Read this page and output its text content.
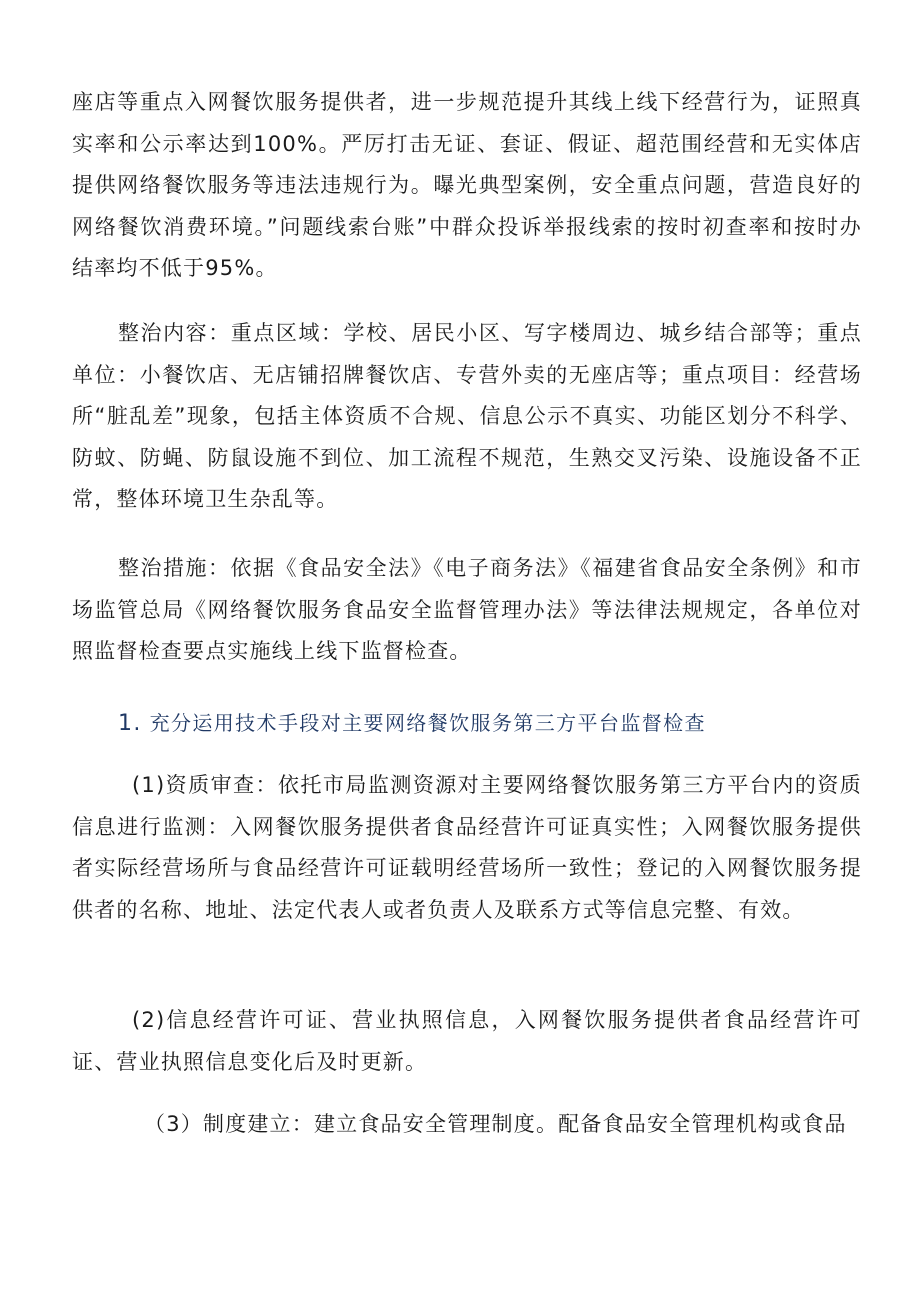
座店等重点入网餐饮服务提供者，进一步规范提升其线上线下经营行为，证照真实率和公示率达到100%。严厉打击无证、套证、假证、超范围经营和无实体店提供网络餐饮服务等违法违规行为。曝光典型案例，安全重点问题，营造良好的网络餐饮消费环境。”问题线索台账”中群众投诉举报线索的按时初查率和按时办结率均不低于95%。

整治内容：重点区域：学校、居民小区、写字楼周边、城乡结合部等；重点单位：小餐饮店、无店铺招牌餐饮店、专营外卖的无座店等；重点项目：经营场所“脏乱差”现象，包括主体资质不合规、信息公示不真实、功能区划分不科学、防蚊、防蝇、防鼠设施不到位、加工流程不规范，生熟交叉污染、设施设备不正常，整体环境卫生杂乱等。

整治措施：依据《食品安全法》《电子商务法》《福建省食品安全条例》和市场监管总局《网络餐饮服务食品安全监督管理办法》等法律法规规定，各单位对照监督检查要点实施线上线下监督检查。

1. 充分运用技术手段对主要网络餐饮服务第三方平台监督检查

(1)资质审查：依托市局监测资源对主要网络餐饮服务第三方平台内的资质信息进行监测：入网餐饮服务提供者食品经营许可证真实性；入网餐饮服务提供者实际经营场所与食品经营许可证载明经营场所一致性；登记的入网餐饮服务提供者的名称、地址、法定代表人或者负责人及联系方式等信息完整、有效。

(2)信息经营许可证、营业执照信息，入网餐饮服务提供者食品经营许可证、营业执照信息变化后及时更新。

（3）制度建立：建立食品安全管理制度。配备食品安全管理机构或食品
